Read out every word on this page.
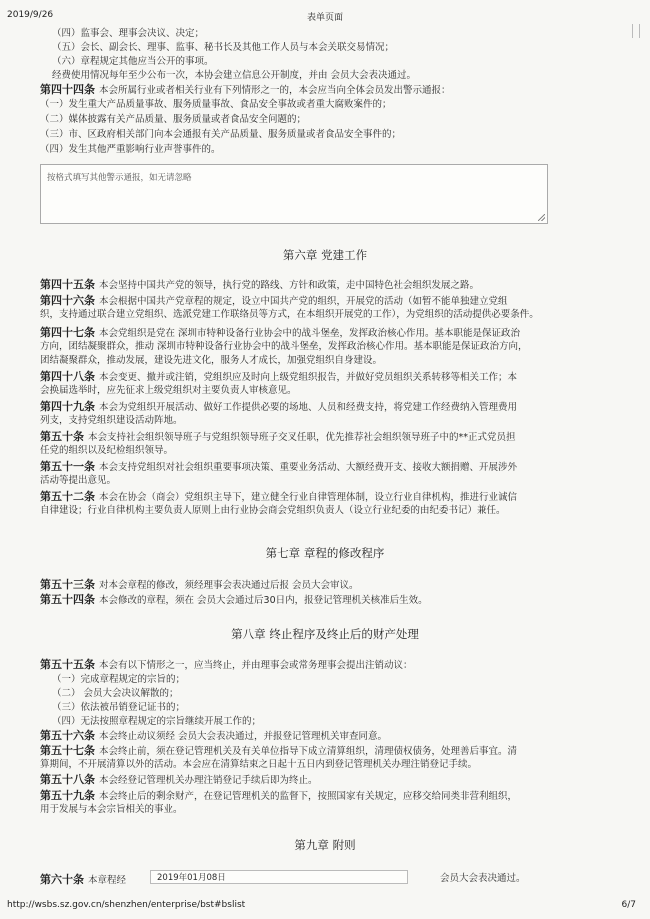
2019/9/26	表单页面
（四）监事会、理事会决议、决定；
（五）会长、副会长、理事、监事、秘书长及其他工作人员与本会关联交易情况；
（六）章程规定其他应当公开的事项。
经费使用情况每年至少公布一次，本协会建立信息公开制度，并由 会员大会表决通过。
第四十四条 本会所属行业或者相关行业有下列情形之一的，本会应当向全体会员发出警示通报：
（一）发生重大产品质量事故、服务质量事故、食品安全事故或者重大腐败案件的；
（二）媒体披露有关产品质量、服务质量或者食品安全问题的；
（三）市、区政府相关部门向本会通报有关产品质量、服务质量或者食品安全事件的；
（四）发生其他严重影响行业声誉事件的。
按格式填写其他警示通报，如无请忽略
第六章 党建工作
第四十五条 本会坚持中国共产党的领导，执行党的路线、方针和政策，走中国特色社会组织发展之路。
第四十六条 本会根据中国共产党章程的规定，设立中国共产党的组织，开展党的活动（如暂不能单独建立党组
织，支持通过联合建立党组织、选派党建工作联络员等方式，在本组织开展党的工作），为党组织的活动提供必要条件。
第四十七条 本会党组织是党在 深圳市特种设备行业协会中的战斗堡垒，发挥政治核心作用。基本职能是保证政治
方向，团结凝聚群众，推动 深圳市特种设备行业协会中的战斗堡垒，发挥政治核心作用。基本职能是保证政治方向，
团结凝聚群众，推动发展，建设先进文化，服务人才成长，加强党组织自身建设。
第四十八条 本会变更、撤并或注销，党组织应及时向上级党组织报告，并做好党员组织关系转移等相关工作；本
会换届选举时，应先征求上级党组织对主要负责人审核意见。
第四十九条 本会为党组织开展活动、做好工作提供必要的场地、人员和经费支持，将党建工作经费纳入管理费用
列支，支持党组织建设活动阵地。
第五十条 本会支持社会组织领导班子与党组织领导班子交叉任职，优先推荐社会组织领导班子中的**正式党员担
任党的组织以及纪检组织领导。
第五十一条 本会支持党组织对社会组织重要事项决策、重要业务活动、大额经费开支、接收大额捐赠、开展涉外
活动等提出意见。
第五十二条 本会在协会（商会）党组织主导下，建立健全行业自律管理体制，设立行业自律机构，推进行业诚信
自律建设；行业自律机构主要负责人原则上由行业协会商会党组织负责人（设立行业纪委的由纪委书记）兼任。
第七章 章程的修改程序
第五十三条 对本会章程的修改，须经理事会表决通过后报 会员大会审议。
第五十四条 本会修改的章程，须在 会员大会通过后30日内，报登记管理机关核准后生效。
第八章 终止程序及终止后的财产处理
第五十五条 本会有以下情形之一，应当终止，并由理事会或常务理事会提出注销动议：
（一）完成章程规定的宗旨的；
（二） 会员大会决议解散的；
（三）依法被吊销登记证书的；
（四）无法按照章程规定的宗旨继续开展工作的；
第五十六条 本会终止动议须经 会员大会表决通过，并报登记管理机关审查同意。
第五十七条 本会终止前，须在登记管理机关及有关单位指导下成立清算组织，清理债权债务，处理善后事宜。清
算期间，不开展清算以外的活动。本会应在清算结束之日起十五日内到登记管理机关办理注销登记手续。
第五十八条 本会经登记管理机关办理注销登记手续后即为终止。
第五十九条 本会终止后的剩余财产，在登记管理机关的监督下，按照国家有关规定，应移交给同类非营利组织，
用于发展与本会宗旨相关的事业。
第九章 附则
第六十条 本章程经	2019年01月08日	会员大会表决通过。
http://wsbs.sz.gov.cn/shenzhen/enterprise/bst#bslist	6/7
